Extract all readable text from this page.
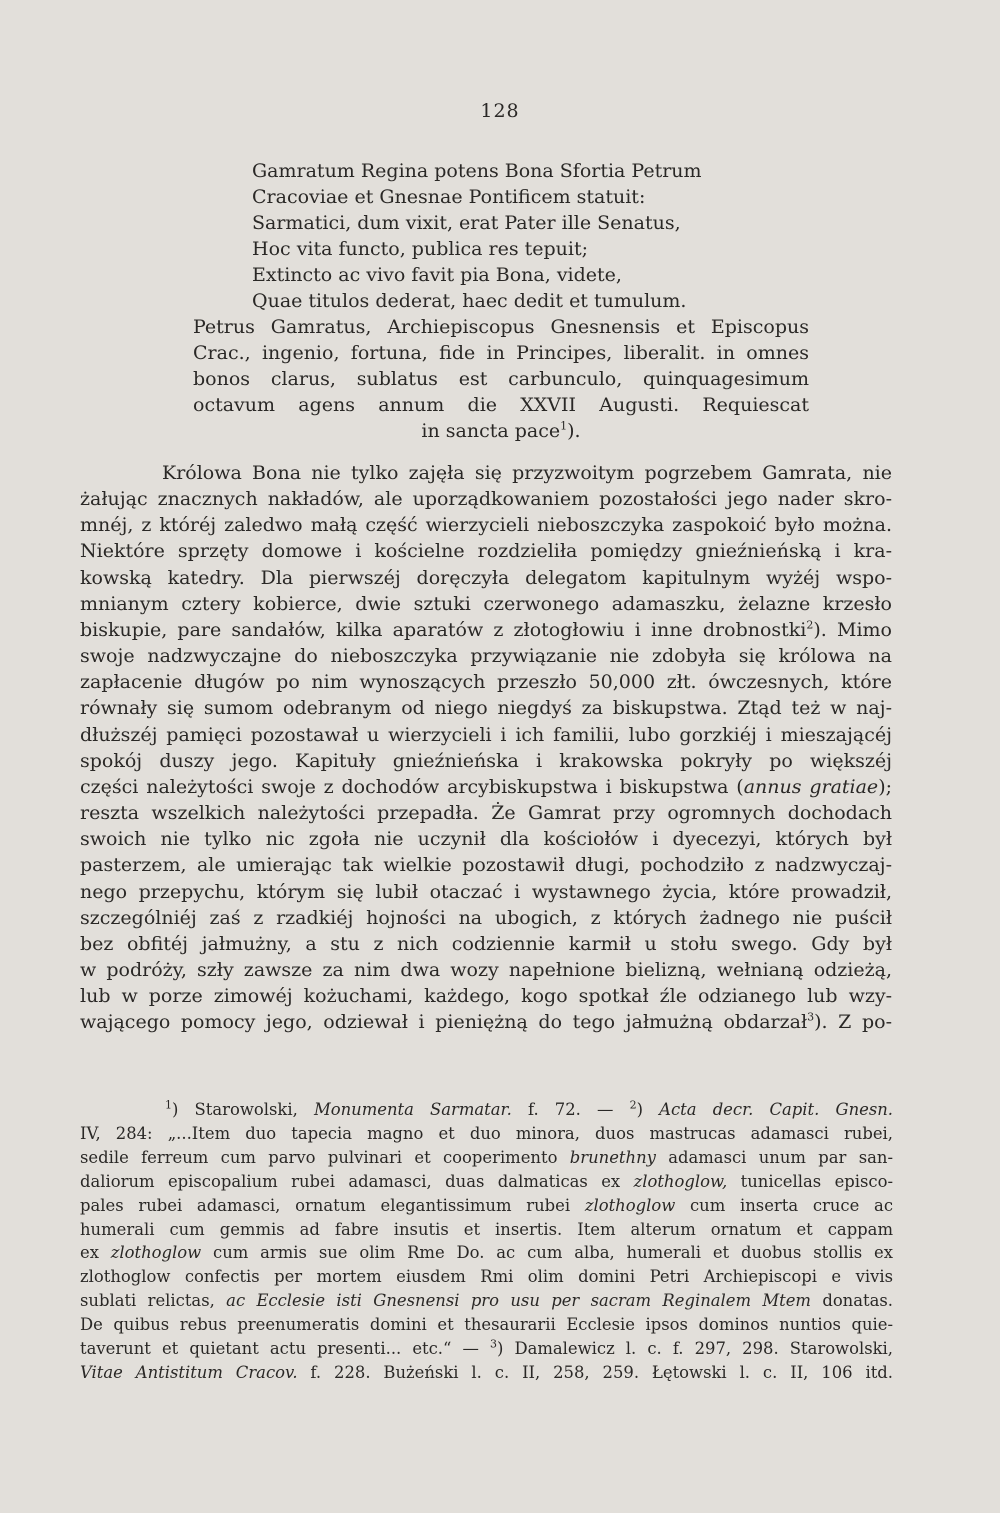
128
Gamratum Regina potens Bona Sfortia Petrum
Cracoviae et Gnesnae Pontificem statuit:
Sarmatici, dum vixit, erat Pater ille Senatus,
Hoc vita functo, publica res tepuit;
Extincto ac vivo favit pia Bona, videte,
Quae titulos dederat, haec dedit et tumulum.
Petrus Gamratus, Archiepiscopus Gnesnensis et Episcopus
Crac., ingenio, fortuna, fide in Principes, liberalit. in omnes
bonos clarus, sublatus est carbunculo, quinquagesimum
octavum agens annum die XXVII Augusti. Requiescat
in sancta pace$^1$).
Królowa Bona nie tylko zajęła się przyzwoitym pogrzebem Gamrata, nie
żałując znacznych nakładów, ale uporządkowaniem pozostałości jego nader skro-
mnéj, z któréj zaledwo małą część wierzycieli nieboszczyka zaspokoić było można.
Niektóre sprzęty domowe i kościelne rozdzieliła pomiędzy gnieźnieńską i kra-
kowską katedry. Dla pierwszéj doręczyła delegatom kapitulnym wyżéj wspo-
mnianym cztery kobierce, dwie sztuki czerwonego adamaszku, żelazne krzesło
biskupie, pare sandałów, kilka aparatów z złotogłowiu i inne drobnostki$^2$). Mimo
swoje nadzwyczajne do nieboszczyka przywiązanie nie zdobyła się królowa na
zapłacenie długów po nim wynoszących przeszło 50,000 złt. ówczesnych, które
równały się sumom odebranym od niego niegdyś za biskupstwa. Ztąd też w naj-
dłuższéj pamięci pozostawał u wierzycieli i ich familii, lubo gorzkiéj i mieszającéj
spokój duszy jego. Kapituły gnieźnieńska i krakowska pokryły po większéj
części należytości swoje z dochodów arcybiskupstwa i biskupstwa (annus gratiae);
reszta wszelkich należytości przepadła. Że Gamrat przy ogromnych dochodach
swoich nie tylko nic zgoła nie uczynił dla kościołów i dyecezyi, których był
pasterzem, ale umierając tak wielkie pozostawił długi, pochodziło z nadzwyczaj-
nego przepychu, którym się lubił otaczać i wystawnego życia, które prowadził,
szczególniéj zaś z rzadkiéj hojności na ubogich, z których żadnego nie puścił
bez obfitéj jałmużny, a stu z nich codziennie karmił u stołu swego. Gdy był
w podróży, szły zawsze za nim dwa wozy napełnione bielizną, wełnianą odzieżą,
lub w porze zimowéj kożuchami, każdego, kogo spotkał źle odzianego lub wzy-
wającego pomocy jego, odziewał i pieniężną do tego jałmużną obdarzał$^3$). Z po-
$^1$) Starowolski, Monumenta Sarmatar. f. 72. — $^2$) Acta decr. Capit. Gnesn.
IV, 284: „...Item duo tapecia magno et duo minora, duos mastrucas adamasci rubei,
sedile ferreum cum parvo pulvinari et cooperimento brunethny adamasci unum par san-
daliorum episcopalium rubei adamasci, duas dalmaticas ex zlothoglow, tunicellas episco-
pales rubei adamasci, ornatum elegantissimum rubei zlothoglow cum inserta cruce ac
humerali cum gemmis ad fabre insutis et insertis. Item alterum ornatum et cappam
ex zlothoglow cum armis sue olim Rme Do. ac cum alba, humerali et duobus stollis ex
zlothoglow confectis per mortem eiusdem Rmi olim domini Petri Archiepiscopi e vivis
sublati relictas, ac Ecclesie isti Gnesnensi pro usu per sacram Reginalem Mtem donatas.
De quibus rebus preenumeratis domini et thesaurarii Ecclesie ipsos dominos nuntios quie-
taverunt et quietant actu presenti... etc.“ — $^3$) Damalewicz l. c. f. 297, 298. Starowolski,
Vitae Antistitum Cracov. f. 228. Bużeński l. c. II, 258, 259. Łętowski l. c. II, 106 itd.
